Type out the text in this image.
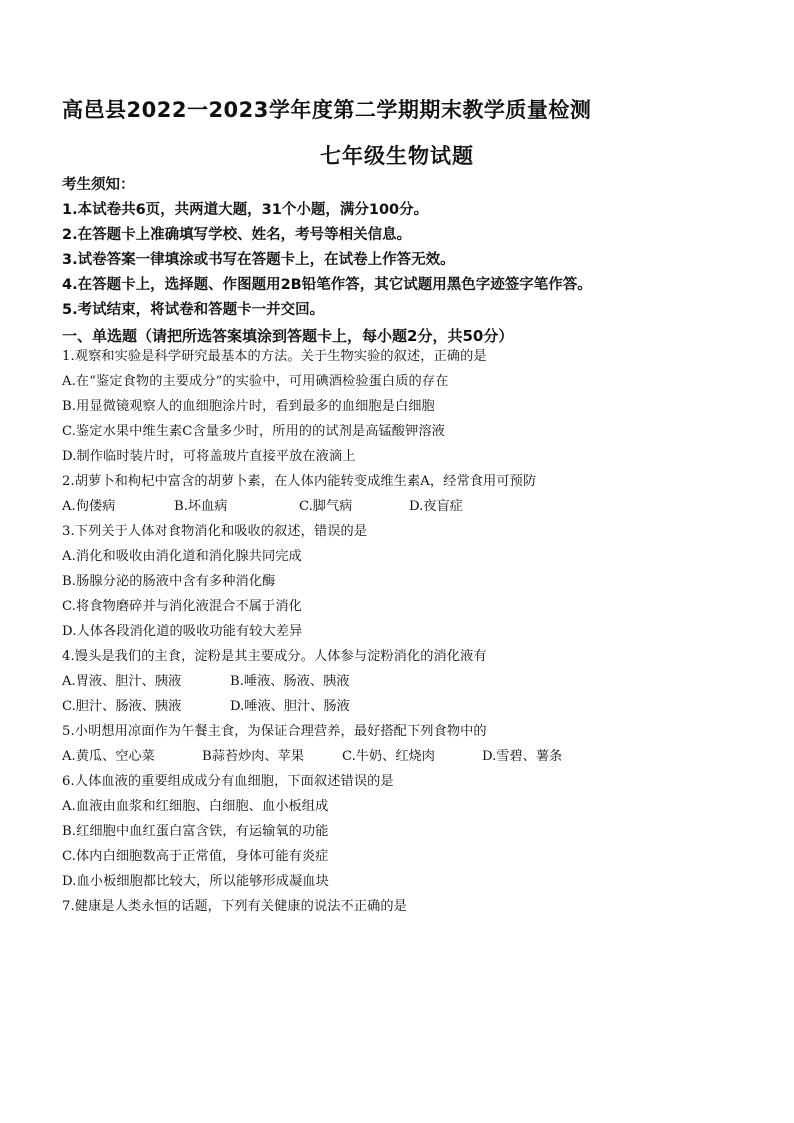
高邑县2022一2023学年度第二学期期末教学质量检测
七年级生物试题
考生须知：
1.本试卷共6页，共两道大题，31个小题，满分100分。
2.在答题卡上准确填写学校、姓名，考号等相关信息。
3.试卷答案一律填涂或书写在答题卡上，在试卷上作答无效。
4.在答题卡上，选择题、作图题用2B铅笔作答，其它试题用黑色字迹签字笔作答。
5.考试结束，将试卷和答题卡一并交回。
一、单选题（请把所选答案填涂到答题卡上，每小题2分，共50分）
1.观察和实验是科学研究最基本的方法。关于生物实验的叙述，正确的是
A.在“鉴定食物的主要成分”的实验中，可用碘酒检验蛋白质的存在
B.用显微镜观察人的血细胞涂片时，看到最多的血细胞是白细胞
C.鉴定水果中维生素C含量多少时，所用的的试剂是高锰酸钾溶液
D.制作临时装片时，可将盖玻片直接平放在液滴上
2.胡萝卜和枸杞中富含的胡萝卜素，在人体内能转变成维生素A，经常食用可预防
A.佝偻病	B.坏血病	C.脚气病	D.夜盲症
3.下列关于人体对食物消化和吸收的叙述，错误的是
A.消化和吸收由消化道和消化腺共同完成
B.肠腺分泌的肠液中含有多种消化酶
C.将食物磨碎并与消化液混合不属于消化
D.人体各段消化道的吸收功能有较大差异
4.馒头是我们的主食，淀粉是其主要成分。人体参与淀粉消化的消化液有
A.胃液、胆汁、胰液	B.唾液、肠液、胰液
C.胆汁、肠液、胰液	D.唾液、胆汁、肠液
5.小明想用凉面作为午餐主食，为保证合理营养，最好搭配下列食物中的
A.黄瓜、空心菜	B蒜苔炒肉、苹果	C.牛奶、红烧肉	D.雪碧、薯条
6.人体血液的重要组成成分有血细胞，下面叙述错误的是
A.血液由血浆和红细胞、白细胞、血小板组成
B.红细胞中血红蛋白富含铁，有运输氧的功能
C.体内白细胞数高于正常值，身体可能有炎症
D.血小板细胞都比较大，所以能够形成凝血块
7.健康是人类永恒的话题，下列有关健康的说法不正确的是
